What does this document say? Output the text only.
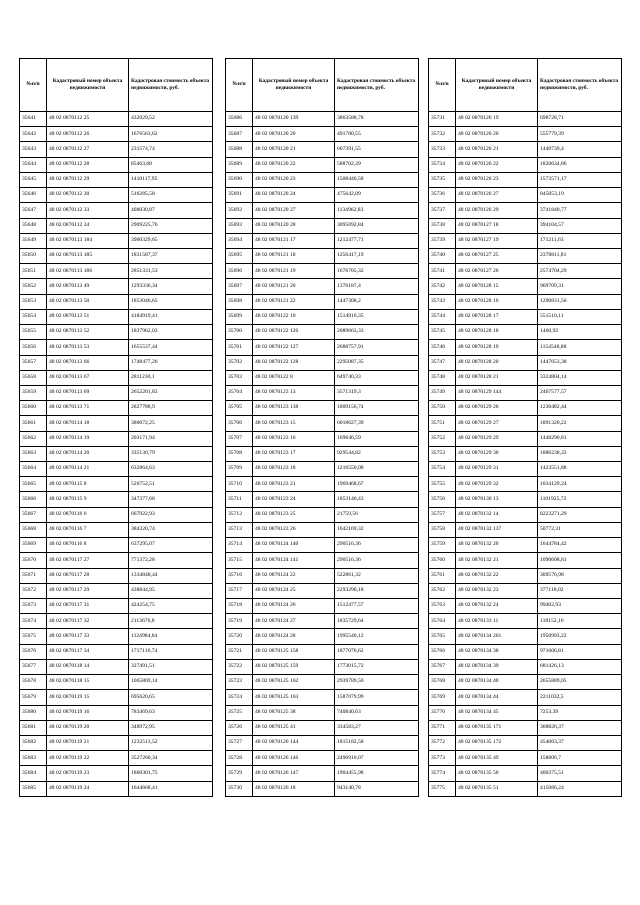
№п/п	Кадастровый номер объекта недвижимости	Кадастровая стоимость объекта недвижимости, руб.
35641	48 02 0870112 25	432029,52
35642	48 02 0870112 26	1676563,62
35643	48 02 0870112 27	231574,74
35644	48 02 0870112 28	85463,68
35645	48 02 0870112 29	1410117,95
35646	48 02 0870112 30	516285,58
35647	48 02 0870112 33	408030,87
35648	48 02 0870112 34	2909225,76
35649	48 02 0870113 184	3900329,65
35650	48 02 0870113 185	1831587,37
35651	48 02 0870113 186	2851331,53
35652	48 02 0870113 49	1293336,34
35653	48 02 0870113 50	1853046,65
35654	48 02 0870113 51	4184919,41
35655	48 02 0870113 52	1837962,03
35656	48 02 0870113 53	1655537,44
35657	48 02 0870113 66	1748477,26
35658	48 02 0870113 67	2811230,1
35659	48 02 0870113 69	2652201,83
35660	48 02 0870113 71	2827788,9
35661	48 02 0870114 18	380672,25
35662	48 02 0870114 19	203171,94
35663	48 02 0870114 20	335130,79
35664	48 02 0870114 21	632864,63
35665	48 02 0870115 8	526752,51
35666	48 02 0870115 9	347377,68
35667	48 02 0870116 6	667922,93
35668	48 02 0870116 7	384320,74
35669	48 02 0870116 8	637295,07
35670	48 02 0870117 27	771372,28
35671	48 02 0870117 28	1334848,44
35672	48 02 0870117 29	438844,95
35673	48 02 0870117 31	424254,75
35674	48 02 0870117 32	2113676,8
35675	48 02 0870117 33	1124984,84
35676	48 02 0870117 34	1717116,74
35677	48 02 0870118 14	327491,51
35678	48 02 0870118 15	1065869,14
35679	48 02 0870119 15	695620,65
35680	48 02 0870119 16	783469,63
35681	48 02 0870119 20	348972,95
35682	48 02 0870119 21	1232513,52
35683	48 02 0870119 22	3527260,34
35684	48 02 0870119 23	1860301,75
35685	48 02 0870119 24	1644668,41
№п/п	Кадастровый номер объекта недвижимости	Кадастровая стоимость объекта недвижимости, руб.
35686	48 02 0870120 139	3863588,78
35687	48 02 0870120 20	491780,55
35688	48 02 0870120 21	607391,55
35689	48 02 0870120 22	588702,39
35690	48 02 0870120 23	1508446,58
35691	48 02 0870120 24	475642,09
35692	48 02 0870120 27	1134962,83
35693	48 02 0870120 28	3095692,84
35694	48 02 0870121 17	1212477,71
35695	48 02 0870121 18	1256417,19
35696	48 02 0870121 19	1676705,32
35697	48 02 0870121 20	1376187,4
35698	48 02 0870121 22	1447308,2
35699	48 02 0870122 10	1514916,35
35700	48 02 0870122 126	2089663,33
35701	48 02 0870122 127	2688757,91
35702	48 02 0870122 128	2295087,35
35703	48 02 0870122 8	649740,33
35704	48 02 0870123 13	3571319,3
35705	48 02 0870123 138	1809156,74
35706	48 02 0870123 15	6018627,39
35707	48 02 0870123 16	169646,59
35708	48 02 0870123 17	929544,82
35709	48 02 0870123 18	1216550,08
35710	48 02 0870123 21	1969468,67
35711	48 02 0870123 24	1853146,43
35712	48 02 0870123 25	21759,56
35713	48 02 0870123 26	1642169,32
35714	48 02 0870124 140	290516,36
35715	48 02 0870124 141	290516,36
35716	48 02 0870124 22	522861,32
35717	48 02 0870124 25	2293290,18
35718	48 02 0870124 26	1512477,57
35719	48 02 0870124 27	1835729,64
35720	48 02 0870124 28	1995540,12
35721	48 02 0870125 158	1877076,62
35722	48 02 0870125 159	1773015,72
35723	48 02 0870125 162	2939789,56
35724	48 02 0870125 163	1587079,99
35725	48 02 0870125 38	740840,63
35726	48 02 0870125 41	334583,27
35727	48 02 0870126 144	1815182,58
35728	48 02 0870126 146	2496910,07
35729	48 02 0870126 147	1904455,98
35730	48 02 0870126 18	943140,78
№п/п	Кадастровый номер объекта недвижимости	Кадастровая стоимость объекта недвижимости, руб.
35731	48 02 0870126 19	698728,71
35732	48 02 0870126 20	555779,39
35733	48 02 0870126 21	1440739,4
35734	48 02 0870126 22	1820634,86
35735	48 02 0870126 23	1573571,17
35736	48 02 0870126 27	845053,19
35737	48 02 0870126 29	3741840,77
35738	48 02 0870127 18	394104,57
35739	48 02 0870127 19	171211,63
35740	48 02 0870127 25	2378811,81
35741	48 02 0870127 26	2574704,29
35742	48 02 0870128 15	969709,31
35743	48 02 0870128 16	1290831,56
35744	48 02 0870128 17	551510,11
35745	48 02 0870128 18	1460,92
35746	48 02 0870128 19	1154548,88
35747	48 02 0870128 20	1447653,38
35748	48 02 0870128 21	3324804,14
35749	48 02 0870129 144	2467577,57
35750	48 02 0870129 26	1230482,44
35751	48 02 0870129 27	1891320,22
35752	48 02 0870129 29	1448290,81
35753	48 02 0870129 30	1886238,33
35754	48 02 0870129 31	1423551,88
35755	48 02 0870129 32	1034129,24
35756	48 02 0870130 13	1101925,72
35757	48 02 0870132 14	8223271,29
35758	48 02 0870132 137	50772,31
35759	48 02 0870132 20	1644784,42
35760	48 02 0870132 21	1090608,81
35761	48 02 0870132 22	309576,98
35762	48 02 0870132 23	377118,02
35763	48 02 0870132 24	99402,93
35764	48 02 0870133 11	118152,16
35765	48 02 0870134 261	1950993,22
35766	48 02 0870134 38	971606,81
35767	48 02 0870134 39	681426,13
35768	48 02 0870134 40	2655889,05
35769	48 02 0870134 44	2211032,5
35770	48 02 0870134 45	7253,39
35771	48 02 0870135 171	368826,37
35772	48 02 0870135 172	454063,37
35773	48 02 0870135 49	158606,7
35774	48 02 0870135 50	400375,51
35775	48 02 0870135 51	415086,24
